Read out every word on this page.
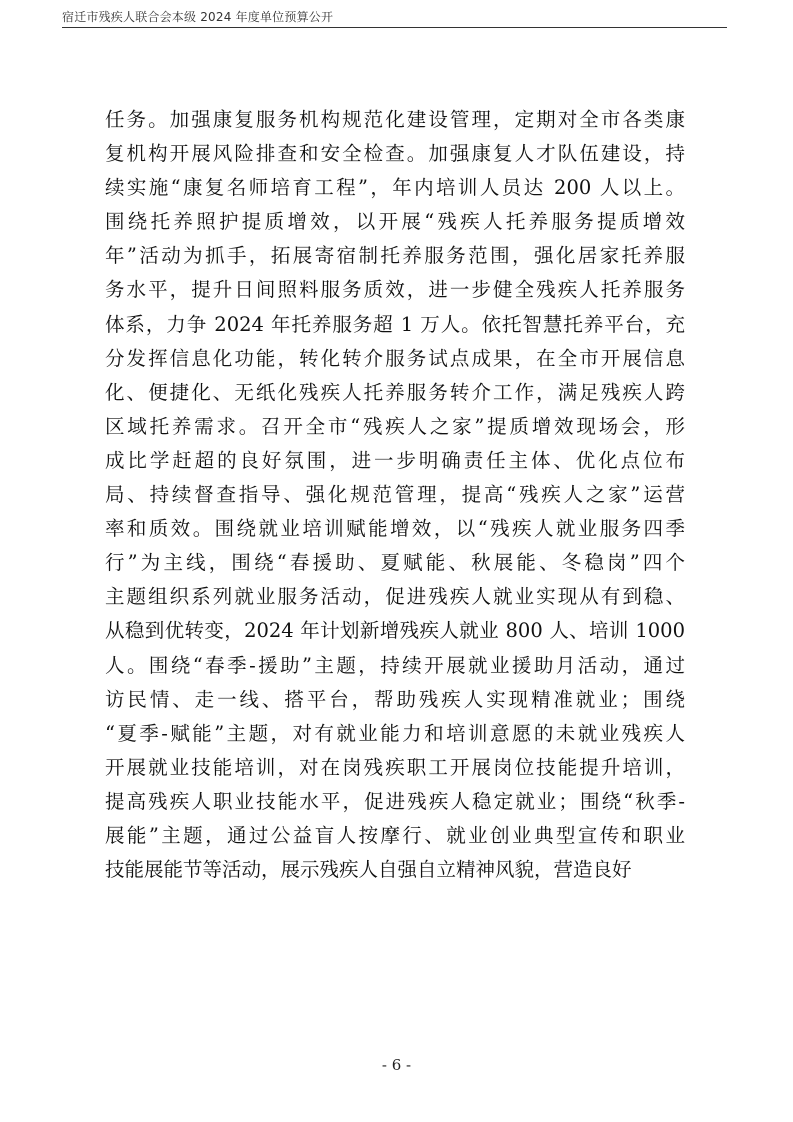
宿迁市残疾人联合会本级 2024 年度单位预算公开
任务。加强康复服务机构规范化建设管理，定期对全市各类康
复机构开展风险排查和安全检查。加强康复人才队伍建设，持
续实施“康复名师培育工程”，年内培训人员达 200 人以上。
围绕托养照护提质增效，以开展“残疾人托养服务提质增效
年”活动为抓手，拓展寄宿制托养服务范围，强化居家托养服
务水平，提升日间照料服务质效，进一步健全残疾人托养服务
体系，力争 2024 年托养服务超 1 万人。依托智慧托养平台，充
分发挥信息化功能，转化转介服务试点成果，在全市开展信息
化、便捷化、无纸化残疾人托养服务转介工作，满足残疾人跨
区域托养需求。召开全市“残疾人之家”提质增效现场会，形
成比学赶超的良好氛围，进一步明确责任主体、优化点位布
局、持续督查指导、强化规范管理，提高“残疾人之家”运营
率和质效。围绕就业培训赋能增效，以“残疾人就业服务四季
行”为主线，围绕“春援助、夏赋能、秋展能、冬稳岗”四个
主题组织系列就业服务活动，促进残疾人就业实现从有到稳、
从稳到优转变，2024 年计划新增残疾人就业 800 人、培训 1000
人。围绕“春季-援助”主题，持续开展就业援助月活动，通过
访民情、走一线、搭平台，帮助残疾人实现精准就业；围绕
“夏季-赋能”主题，对有就业能力和培训意愿的未就业残疾人
开展就业技能培训，对在岗残疾职工开展岗位技能提升培训，
提高残疾人职业技能水平，促进残疾人稳定就业；围绕“秋季-
展能”主题，通过公益盲人按摩行、就业创业典型宣传和职业
技能展能节等活动，展示残疾人自强自立精神风貌，营造良好
- 6 -
